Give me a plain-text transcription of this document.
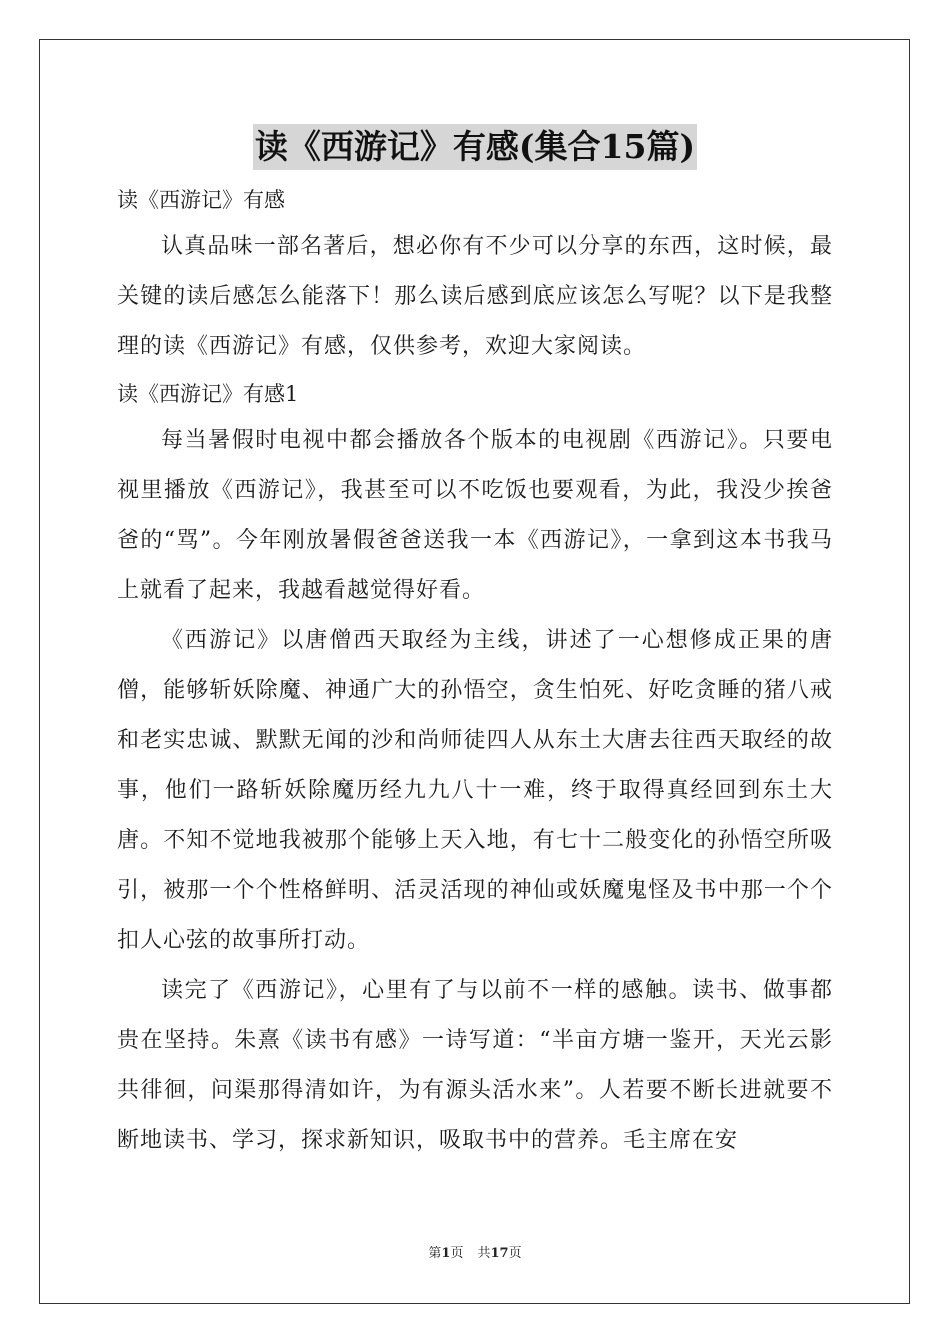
读《西游记》有感(集合15篇)

读《西游记》有感

认真品味一部名著后，想必你有不少可以分享的东西，这时候，最关键的读后感怎么能落下！那么读后感到底应该怎么写呢？以下是我整理的读《西游记》有感，仅供参考，欢迎大家阅读。

读《西游记》有感1

每当暑假时电视中都会播放各个版本的电视剧《西游记》。只要电视里播放《西游记》，我甚至可以不吃饭也要观看，为此，我没少挨爸爸的“骂”。今年刚放暑假爸爸送我一本《西游记》，一拿到这本书我马上就看了起来，我越看越觉得好看。

《西游记》以唐僧西天取经为主线，讲述了一心想修成正果的唐僧，能够斩妖除魔、神通广大的孙悟空，贪生怕死、好吃贪睡的猪八戒和老实忠诚、默默无闻的沙和尚师徒四人从东土大唐去往西天取经的故事，他们一路斩妖除魔历经九九八十一难，终于取得真经回到东土大唐。不知不觉地我被那个能够上天入地，有七十二般变化的孙悟空所吸引，被那一个个性格鲜明、活灵活现的神仙或妖魔鬼怪及书中那一个个扣人心弦的故事所打动。

读完了《西游记》，心里有了与以前不一样的感触。读书、做事都贵在坚持。朱熹《读书有感》一诗写道：“半亩方塘一鉴开，天光云影共徘徊，问渠那得清如许，为有源头活水来”。人若要不断长进就要不断地读书、学习，探求新知识，吸取书中的营养。毛主席在安

第1页 共17页
